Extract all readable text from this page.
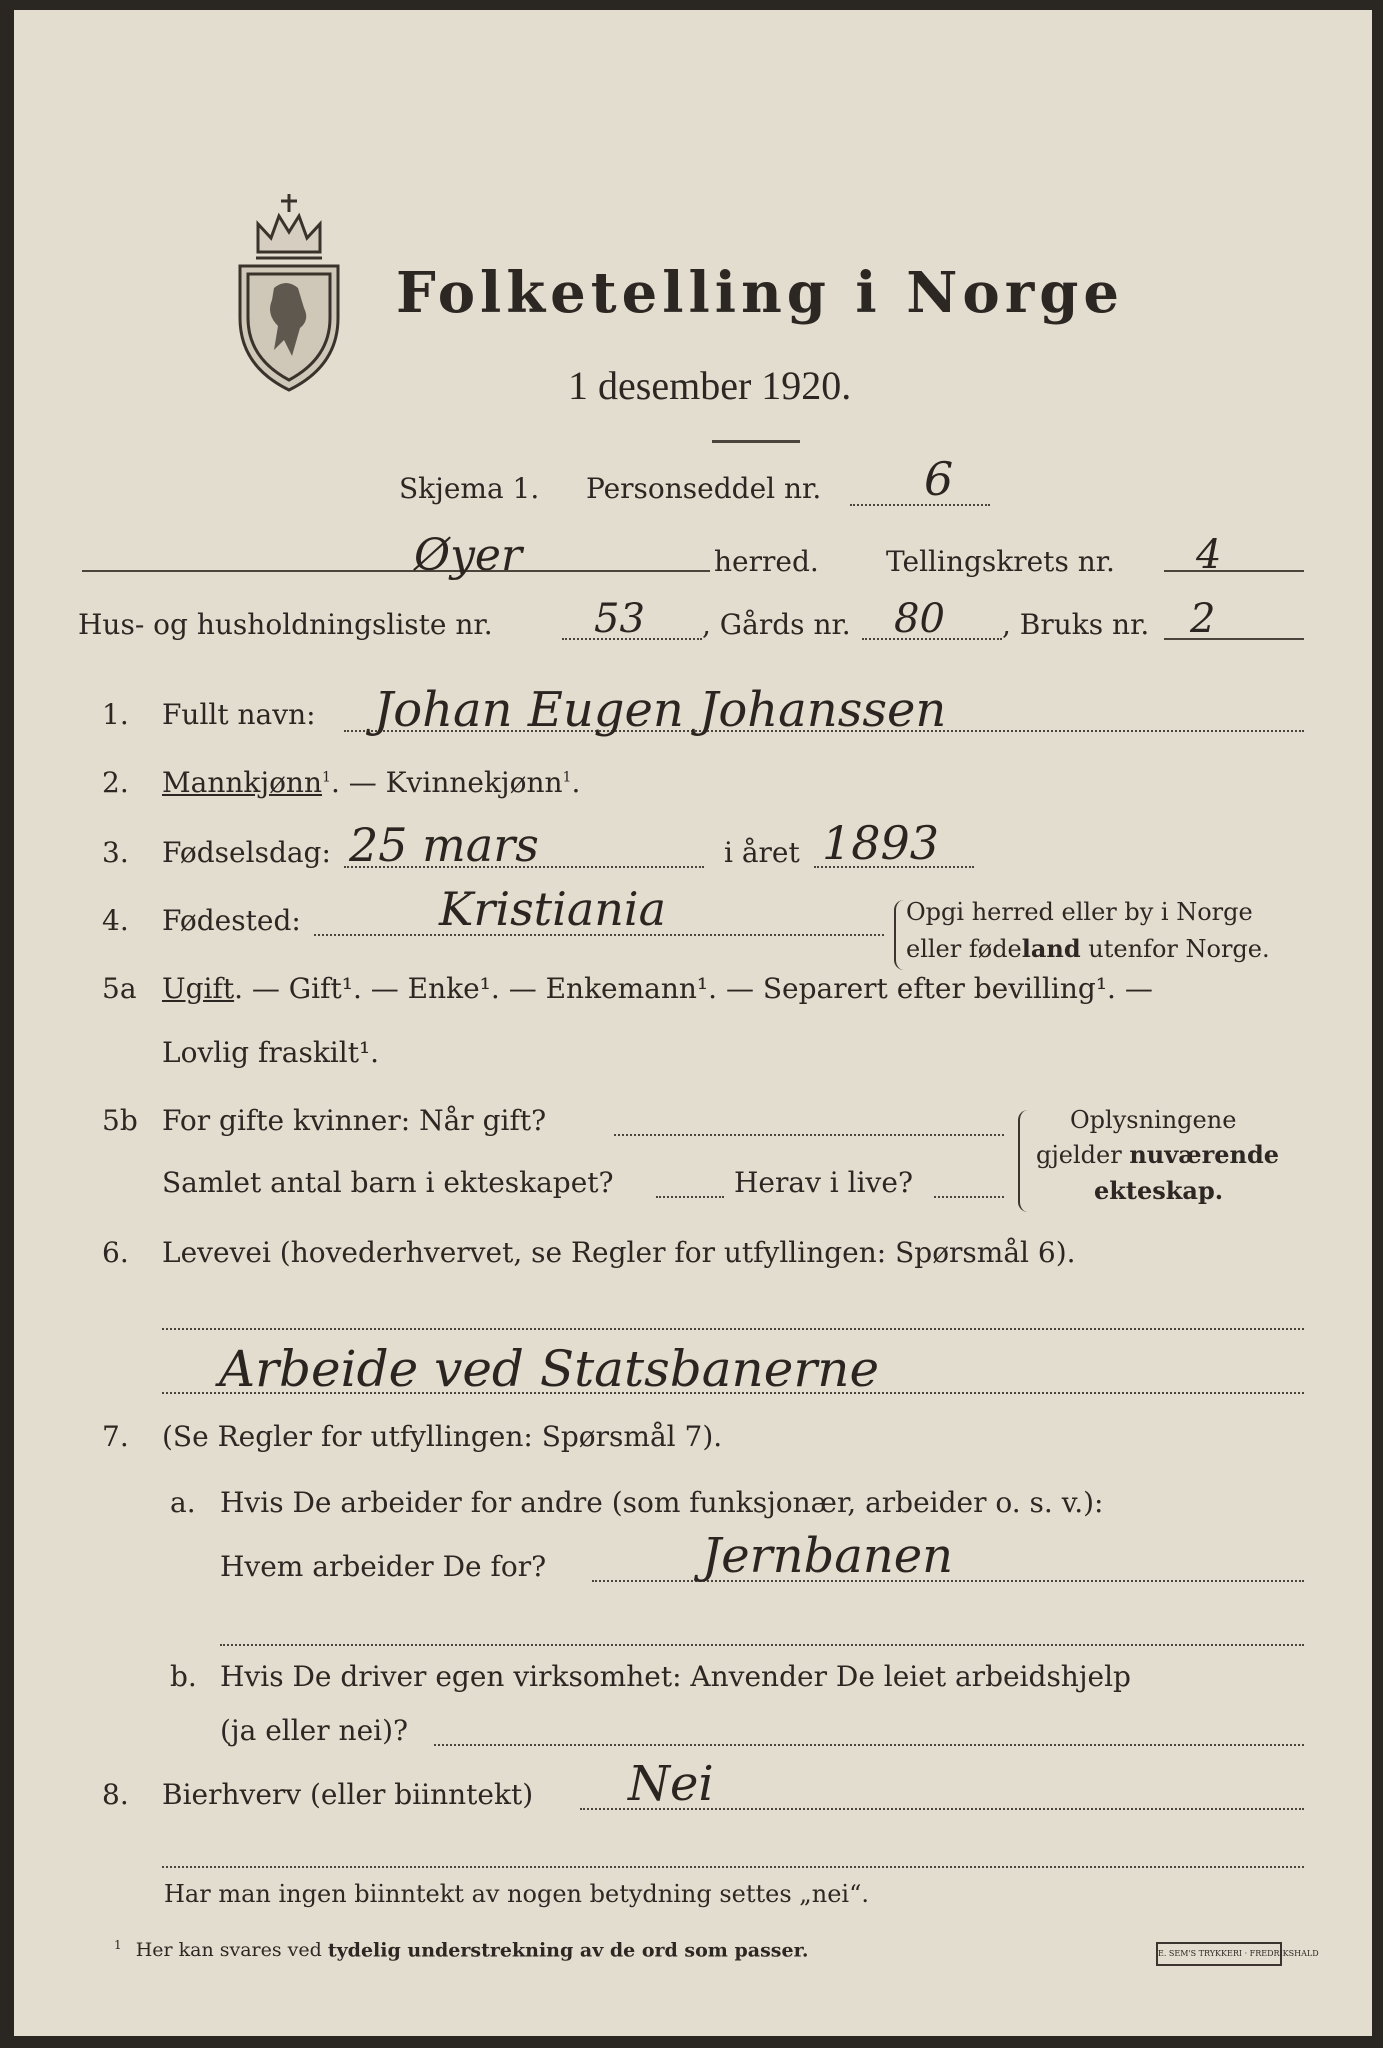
Folketelling i Norge
1 desember 1920.
Skjema 1. Personseddel nr. 6
Øyer	herred. Tellingskrets nr. 4
Hus- og husholdningsliste nr.	53 , Gårds nr. 80 , Bruks nr. 2
1. Fullt navn: Johan Eugen Johanssen
2. Mannkjønn$^1$. — Kvinnekjønn$^1$.
3. Fødselsdag: 25 mars	i året 1893
4. Fødested:	Kristiania	Opgi herred eller by i Norge
eller fødeland utenfor Norge.
5a Ugift. — Gift¹. — Enke¹. — Enkemann¹. — Separert efter bevilling¹. —
Lovlig fraskilt¹.
5b For gifte kvinner: Når gift?
Samlet antal barn i ekteskapet?	Herav i live?
Oplysningene
gjelder nuværende
ekteskap.
6. Levevei (hovederhvervet, se Regler for utfyllingen: Spørsmål 6).
Arbeide ved Statsbanerne
7. (Se Regler for utfyllingen: Spørsmål 7).
a. Hvis De arbeider for andre (som funksjonær, arbeider o. s. v.):
Hvem arbeider De for?	Jernbanen
b. Hvis De driver egen virksomhet: Anvender De leiet arbeidshjelp
(ja eller nei)?
8. Bierhverv (eller biinntekt) Nei
Har man ingen biinntekt av nogen betydning settes „nei“.
$^1$ Her kan svares ved tydelig understrekning av de ord som passer.	E. SEM'S TRYKKERI · FREDRIKSHALD
